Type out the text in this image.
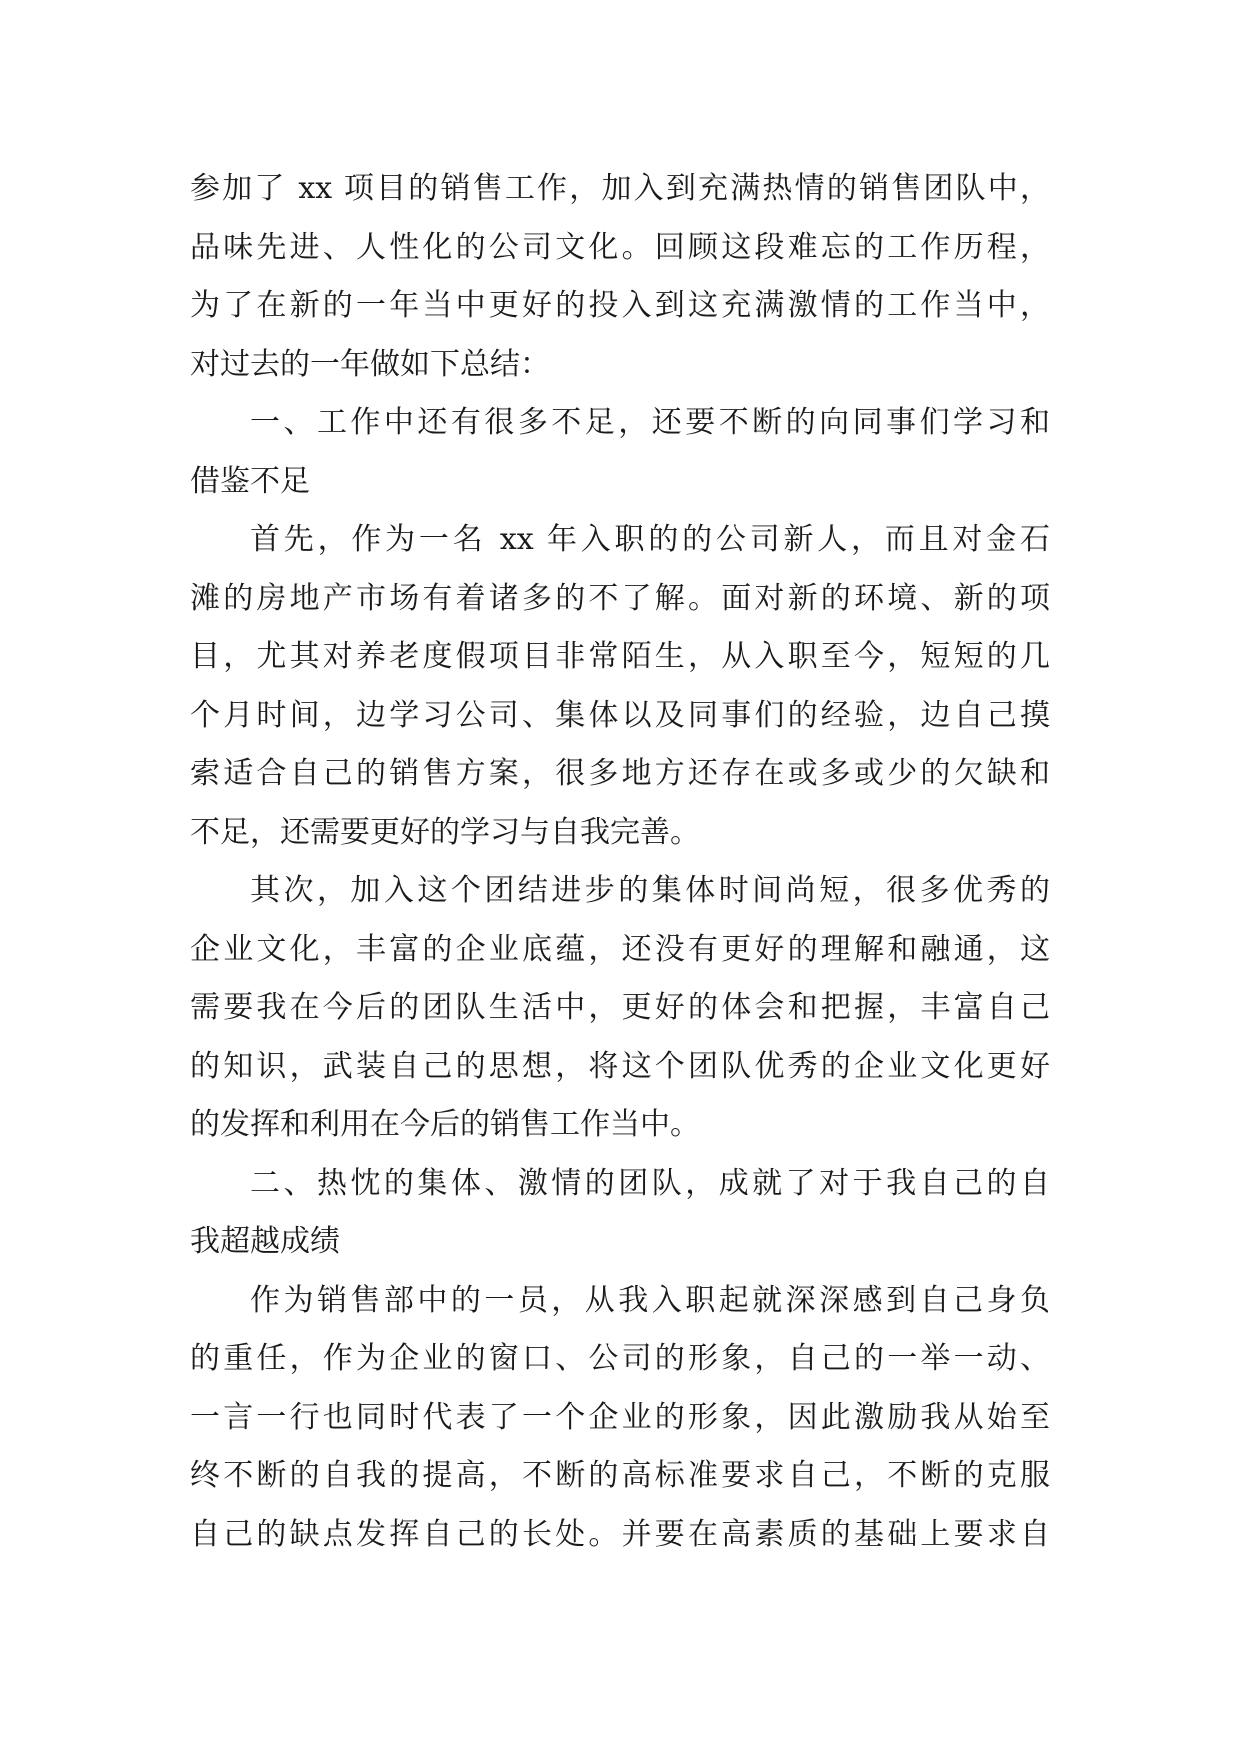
参加了 xx 项目的销售工作，加入到充满热情的销售团队中，
品味先进、人性化的公司文化。回顾这段难忘的工作历程，
为了在新的一年当中更好的投入到这充满激情的工作当中，
对过去的一年做如下总结：
一、工作中还有很多不足，还要不断的向同事们学习和
借鉴不足
首先，作为一名 xx 年入职的的公司新人，而且对金石
滩的房地产市场有着诸多的不了解。面对新的环境、新的项
目，尤其对养老度假项目非常陌生，从入职至今，短短的几
个月时间，边学习公司、集体以及同事们的经验，边自己摸
索适合自己的销售方案，很多地方还存在或多或少的欠缺和
不足，还需要更好的学习与自我完善。
其次，加入这个团结进步的集体时间尚短，很多优秀的
企业文化，丰富的企业底蕴，还没有更好的理解和融通，这
需要我在今后的团队生活中，更好的体会和把握，丰富自己
的知识，武装自己的思想，将这个团队优秀的企业文化更好
的发挥和利用在今后的销售工作当中。
二、热忱的集体、激情的团队，成就了对于我自己的自
我超越成绩
作为销售部中的一员，从我入职起就深深感到自己身负
的重任，作为企业的窗口、公司的形象，自己的一举一动、
一言一行也同时代表了一个企业的形象，因此激励我从始至
终不断的自我的提高，不断的高标准要求自己，不断的克服
自己的缺点发挥自己的长处。并要在高素质的基础上要求自
